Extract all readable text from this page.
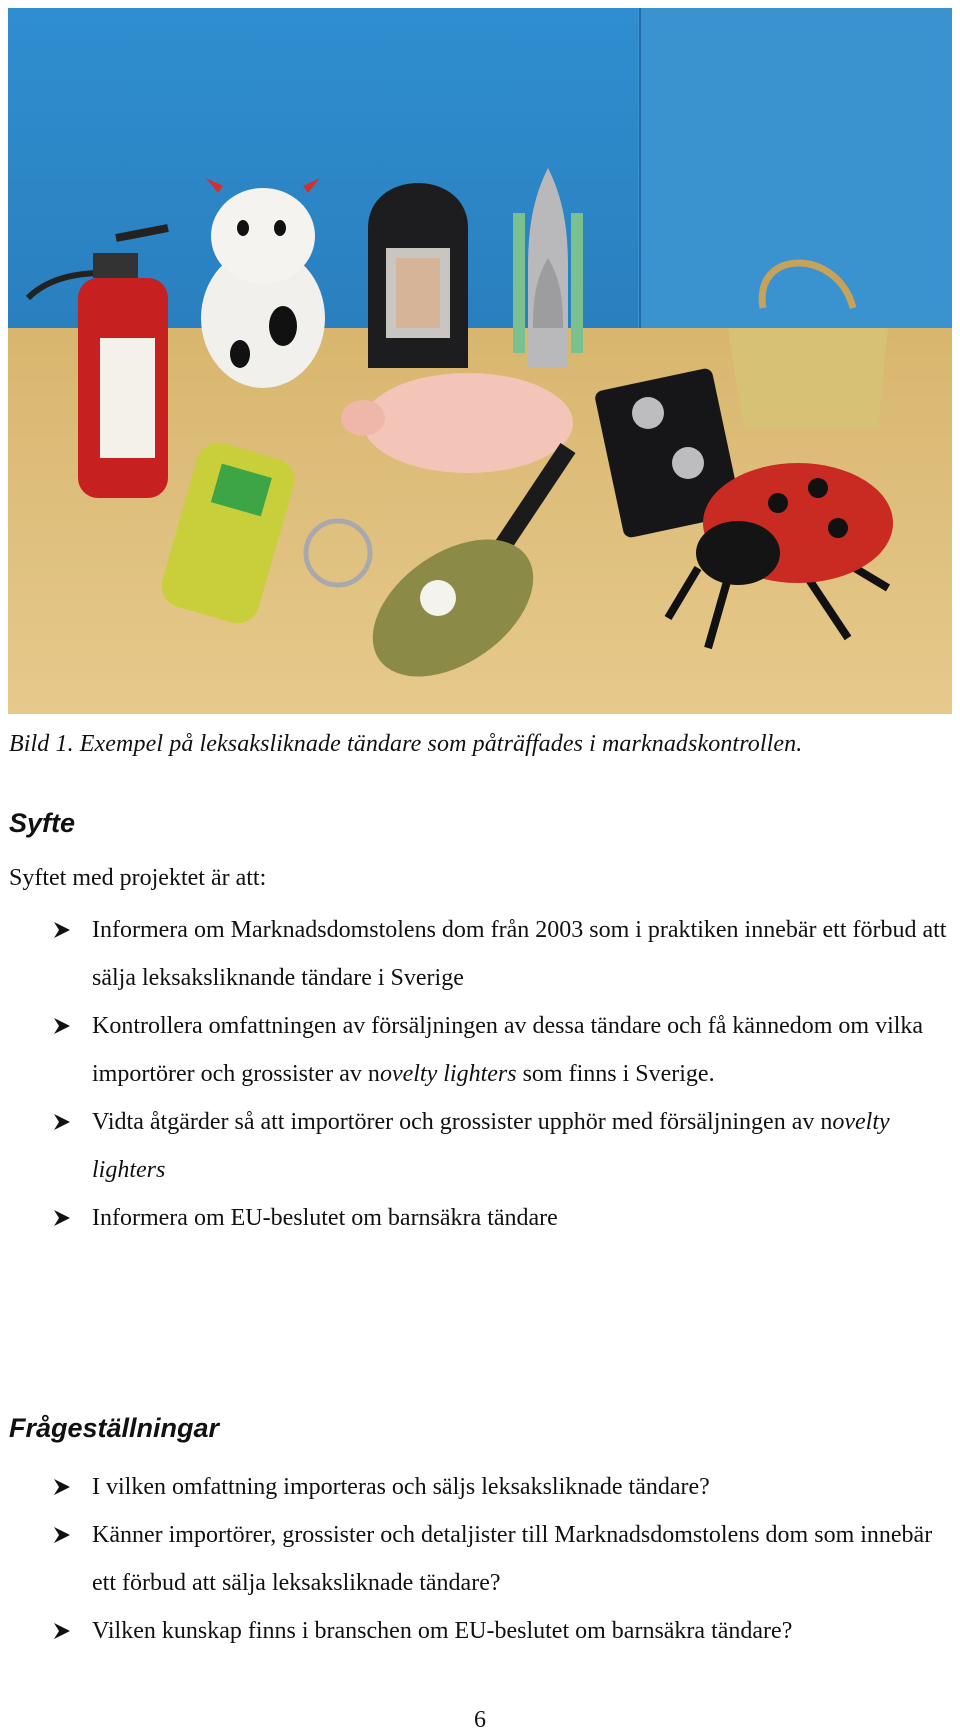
Bild 1. Exempel på leksaksliknade tändare som påträffades i marknadskontrollen.
Syfte
Syftet med projektet är att:
Informera om Marknadsdomstolens dom från 2003 som i praktiken innebär ett förbud att sälja leksaksliknande tändare i Sverige
Kontrollera omfattningen av försäljningen av dessa tändare och få kännedom om vilka importörer och grossister av novelty lighters som finns i Sverige.
Vidta åtgärder så att importörer och grossister upphör med försäljningen av novelty lighters
Informera om EU-beslutet om barnsäkra tändare
Frågeställningar
I vilken omfattning importeras och säljs leksaksliknade tändare?
Känner importörer, grossister och detaljister till Marknadsdomstolens dom som innebär ett förbud att sälja leksaksliknade tändare?
Vilken kunskap finns i branschen om EU-beslutet om barnsäkra tändare?
6
